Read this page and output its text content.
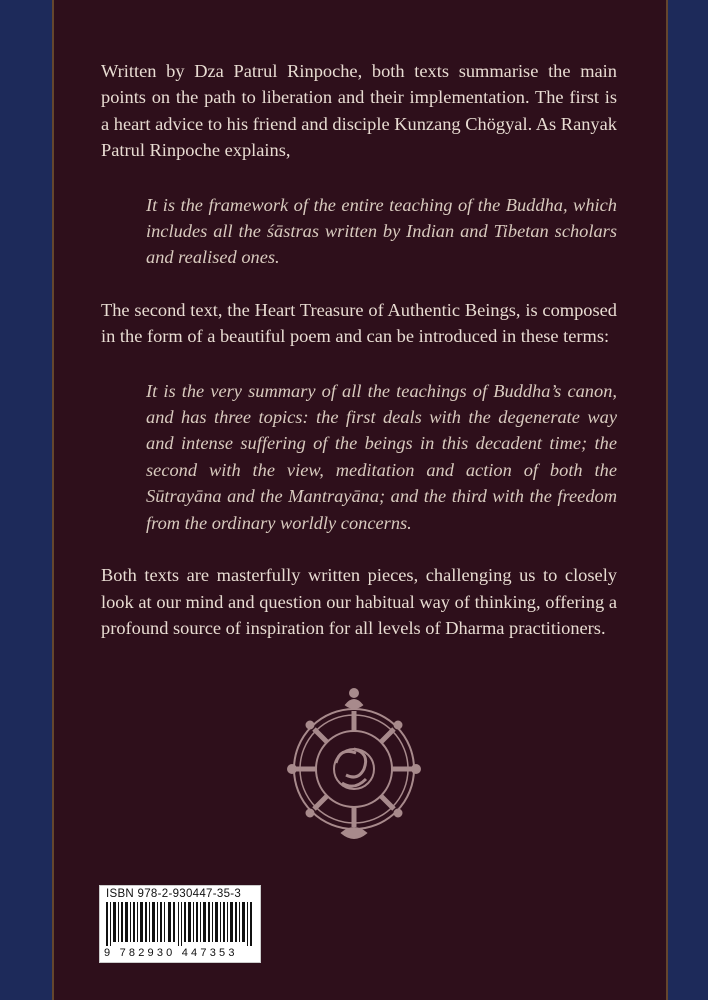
Written by Dza Patrul Rinpoche, both texts summarise the main points on the path to liberation and their implementation. The first is a heart advice to his friend and disciple Kunzang Chögyal. As Ranyak Patrul Rinpoche explains,

It is the framework of the entire teaching of the Buddha, which includes all the śāstras written by Indian and Tibetan scholars and realised ones.

The second text, the Heart Treasure of Authentic Beings, is composed in the form of a beautiful poem and can be introduced in these terms:

It is the very summary of all the teachings of Buddha’s canon, and has three topics: the first deals with the degenerate way and intense suffering of the beings in this decadent time; the second with the view, meditation and action of both the Sūtrayāna and the Mantrayāna; and the third with the freedom from the ordinary worldly concerns.

Both texts are masterfully written pieces, challenging us to closely look at our mind and question our habitual way of thinking, offering a profound source of inspiration for all levels of Dharma practitioners.

ISBN 978-2-930447-35-3
9 782930 447353
